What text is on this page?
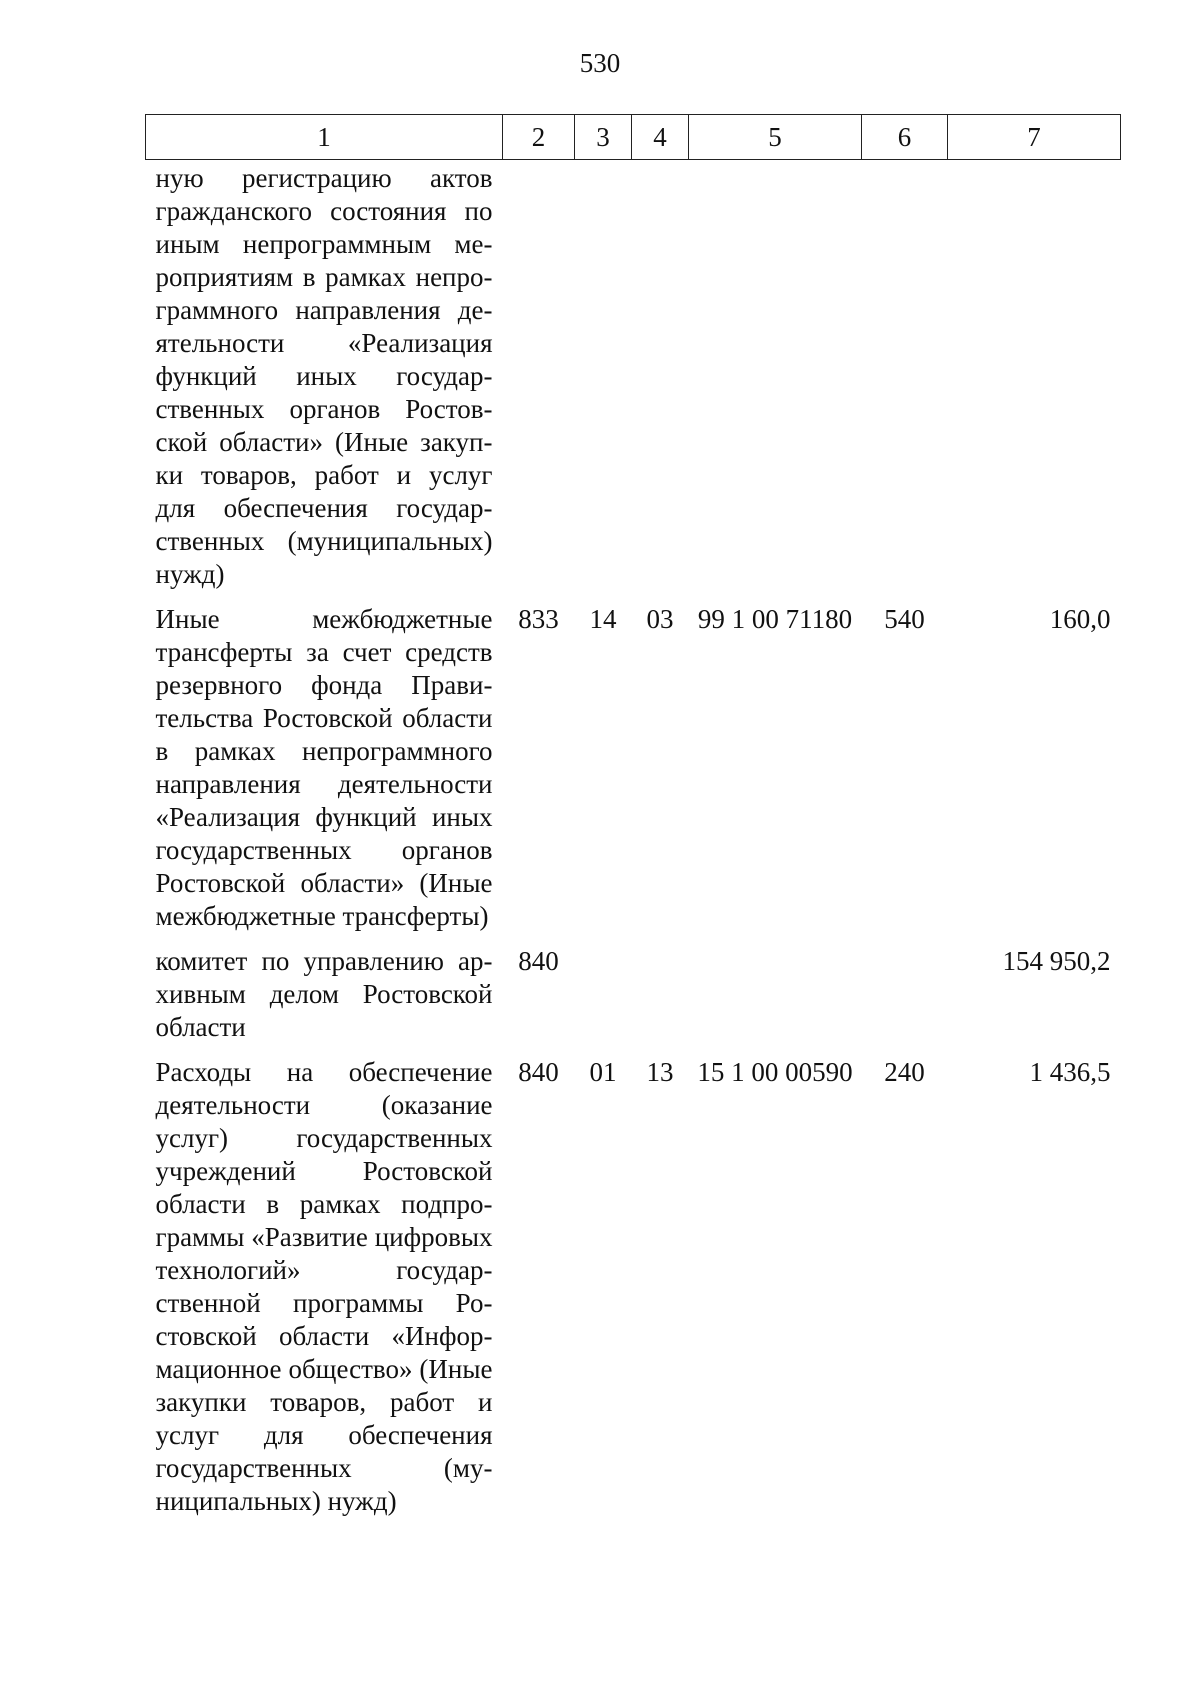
530
1	2	3	4	5	6	7
ную регистрацию актов гражданского состояния по иным непрограммным мероприятиям в рамках непрограммного направления деятельности «Реализация функций иных государственных органов Ростовской области» (Иные закупки товаров, работ и услуг для обеспечения государственных (муниципальных) нужд)						
Иные межбюджетные трансферты за счет средств резервного фонда Правительства Ростовской области в рамках непрограммного направления деятельности «Реализация функций иных государственных органов Ростовской области» (Иные межбюджетные трансферты)	833	14	03	99 1 00 71180	540	160,0
комитет по управлению архивным делом Ростовской области	840					154 950,2
Расходы на обеспечение деятельности (оказание услуг) государственных учреждений Ростовской области в рамках подпрограммы «Развитие цифровых технологий» государственной программы Ростовской области «Информационное общество» (Иные закупки товаров, работ и услуг для обеспечения государственных (муниципальных) нужд)	840	01	13	15 1 00 00590	240	1 436,5
